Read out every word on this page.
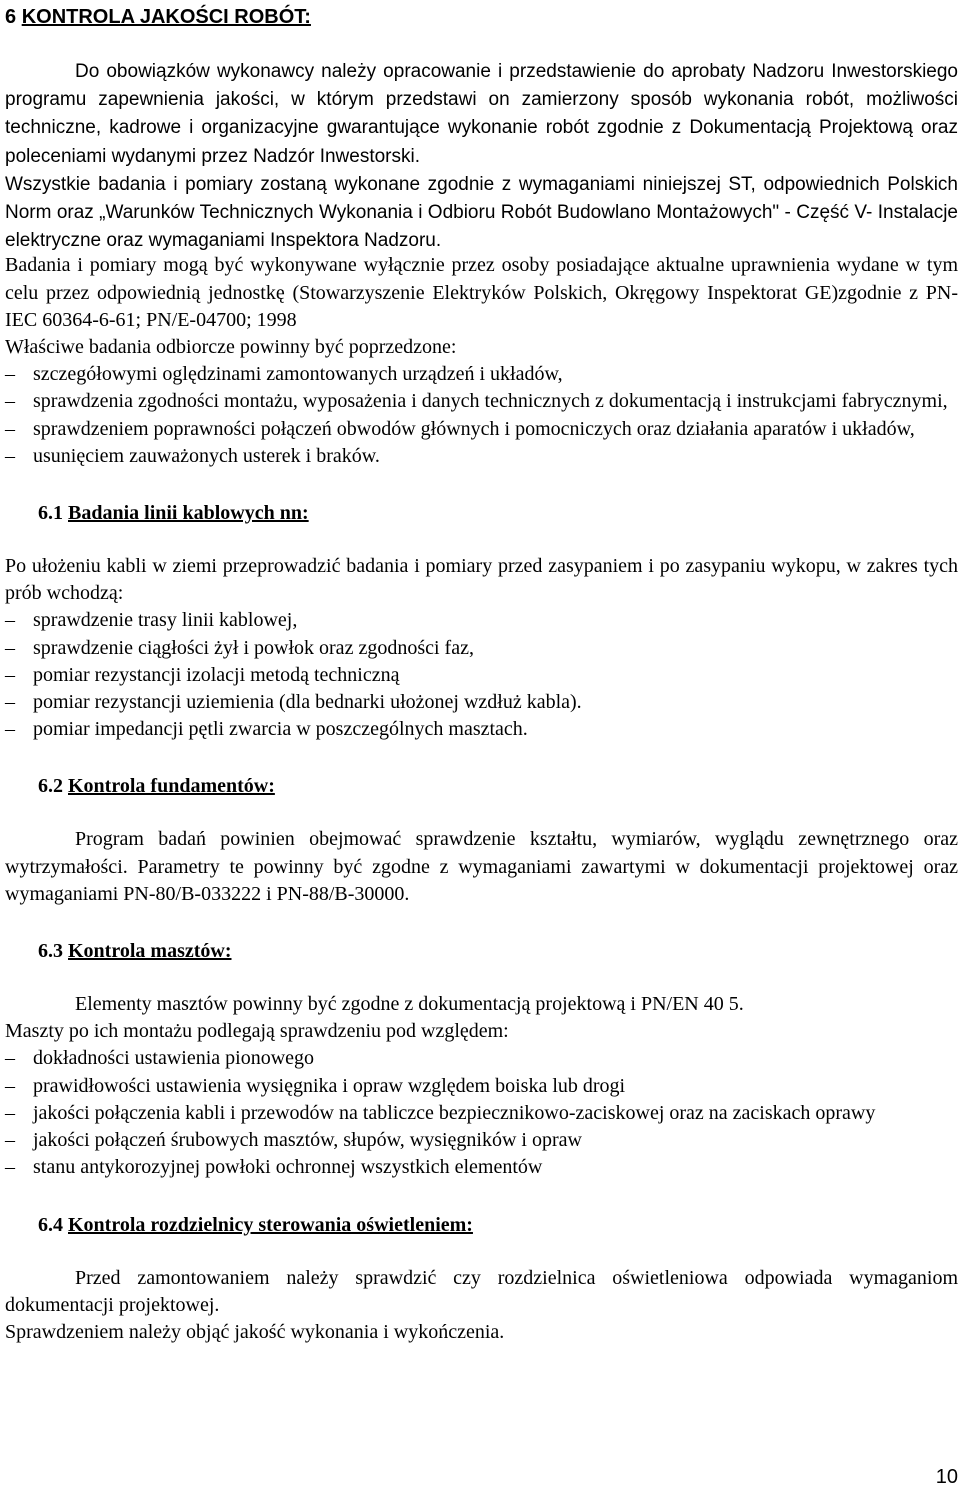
6 KONTROLA JAKOŚCI ROBÓT:

Do obowiązków wykonawcy należy opracowanie i przedstawienie do aprobaty Nadzoru Inwestorskiego programu zapewnienia jakości, w którym przedstawi on zamierzony sposób wykonania robót, możliwości techniczne, kadrowe i organizacyjne gwarantujące wykonanie robót zgodnie z Dokumentacją Projektową oraz poleceniami wydanymi przez Nadzór Inwestorski.

Wszystkie badania i pomiary zostaną wykonane zgodnie z wymaganiami niniejszej ST, odpowiednich Polskich Norm oraz „Warunków Technicznych Wykonania i Odbioru Robót Budowlano Montażowych" - Część V- Instalacje elektryczne oraz wymaganiami Inspektora Nadzoru.

Badania i pomiary mogą być wykonywane wyłącznie przez osoby posiadające aktualne uprawnienia wydane w tym celu przez odpowiednią jednostkę (Stowarzyszenie Elektryków Polskich, Okręgowy Inspektorat GE)zgodnie z PN-IEC 60364-6-61; PN/E-04700; 1998

Właściwe badania odbiorcze powinny być poprzedzone:

– szczegółowymi oględzinami zamontowanych urządzeń i układów,
– sprawdzenia zgodności montażu, wyposażenia i danych technicznych z dokumentacją i instrukcjami fabrycznymi,
– sprawdzeniem poprawności połączeń obwodów głównych i pomocniczych oraz działania aparatów i układów,
– usunięciem zauważonych usterek i braków.
6.1 Badania linii kablowych nn:

Po ułożeniu kabli w ziemi przeprowadzić badania i pomiary przed zasypaniem i po zasypaniu wykopu, w zakres tych prób wchodzą:

– sprawdzenie trasy linii kablowej,
– sprawdzenie ciągłości żył i powłok oraz zgodności faz,
– pomiar rezystancji izolacji metodą techniczną
– pomiar rezystancji uziemienia (dla bednarki ułożonej wzdłuż kabla).
– pomiar impedancji pętli zwarcia w poszczególnych masztach.
6.2 Kontrola fundamentów:

Program badań powinien obejmować sprawdzenie kształtu, wymiarów, wyglądu zewnętrznego oraz wytrzymałości. Parametry te powinny być zgodne z wymaganiami zawartymi w dokumentacji projektowej oraz wymaganiami PN-80/B-033222 i PN-88/B-30000.

6.3 Kontrola masztów:

Elementy masztów powinny być zgodne z dokumentacją projektową i PN/EN 40 5.

Maszty po ich montażu podlegają sprawdzeniu pod względem:

– dokładności ustawienia pionowego
– prawidłowości ustawienia wysięgnika i opraw względem boiska lub drogi
– jakości połączenia kabli i przewodów na tabliczce bezpiecznikowo-zaciskowej oraz na zaciskach oprawy
– jakości połączeń śrubowych masztów, słupów, wysięgników i opraw
– stanu antykorozyjnej powłoki ochronnej wszystkich elementów
6.4 Kontrola rozdzielnicy sterowania oświetleniem:

Przed zamontowaniem należy sprawdzić czy rozdzielnica oświetleniowa odpowiada wymaganiom dokumentacji projektowej.

Sprawdzeniem należy objąć jakość wykonania i wykończenia.

10
